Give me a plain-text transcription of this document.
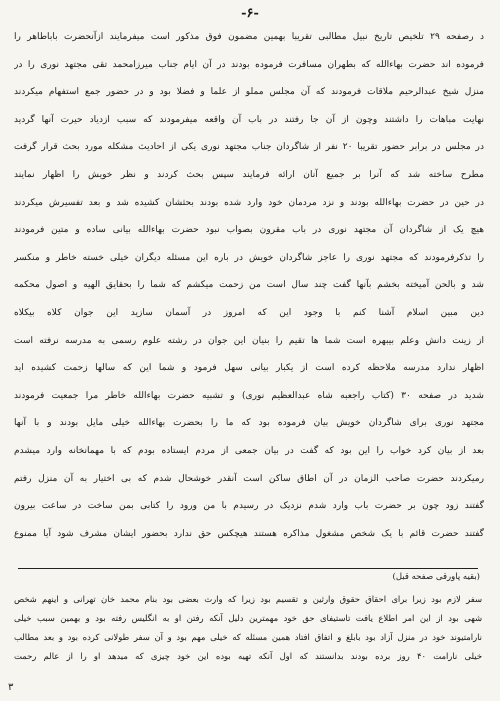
-۶-
د رصفحه ۲۹ تلخیص تاریخ نبیل مطالبی تقریبا بهمین مضمون فوق مذکور است میفرمایند ازآنحضرت باباطاهر را
فرموده اند حضرت بهاءالله که بطهران مسافرت فرموده بودند در آن ایام جناب میرزامحمد تقی مجتهد نوری را در
منزل شیخ عبدالرحیم ملاقات فرمودند که آن مجلس مملو از علما و فضلا بود و در حضور جمع استفهام میکردند
نهایت مباهات را داشتند وچون از آن جا رفتند در باب آن واقعه میفرمودند که سبب ازدیاد حیرت آنها گردید
در مجلس در برابر حضور تقریبا ۲۰ نفر از شاگردان جناب مجتهد نوری یکی از احادیث مشکله مورد بحث قرار گرفت
مطرح ساخته شد که آنرا بر جمیع آنان ارائه فرمایند سپس بحث کردند و نظر خویش را اظهار نمایند
در حین در حضرت بهاءالله بودند و نزد مردمان خود وارد شده بودند بحثشان کشیده شد و بعد تفسیرش میکردند
هیچ یک از شاگردان آن مجتهد نوری در باب مقرون بصواب نبود حضرت بهاءالله بیانی ساده و متین فرمودند
را تذکرفرمودند که مجتهد نوری را عاجز شاگردان خویش در باره این مسئله دیگران خیلی خسته خاطر و منکسر
شد و بالحن آمیخته بخشم بآنها گفت چند سال است من زحمت میکشم که شما را بحقایق الهیه و اصول محکمه
دین مبین اسلام آشنا کنم با وجود این که امروز در آسمان سازید این جوان کلاه بیکلاه
از زینت دانش وعلم بیبهره است شما ها تقیم را بنیان این جوان در رشته علوم رسمی به مدرسه نرفته است
اظهار ندارد مدرسه ملاحظه کرده است از یکبار بیانی سهل فرمود و شما این که سالها زحمت کشیده اید
شدید در صفحه ۳۰ (کتاب راجعبه شاه عبدالعظیم نوری) و تشبیه حضرت بهاءالله خاطر مرا جمعیت فرمودند
مجتهد نوری برای شاگردان خویش بیان فرموده بود که ما را بحضرت بهاءالله خیلی مایل بودند و با آنها
بعد از بیان کرد خواب را این بود که گفت در بیان جمعی از مردم ایستاده بودم که با مهمانخانه وارد میشدم
رمیکردند حضرت صاحب الزمان در آن اطاق ساکن است آنقدر خوشحال شدم که بی اختیار به آن منزل رفتم
گفتند زود چون بر حضرت باب وارد شدم نزدیک در رسیدم با من ورود را کتابی بمن ساخت در ساعت بیرون
گفتند حضرت قائم با یک شخص مشغول مذاکره هستند هیچکس حق ندارد بحضور ایشان مشرف شود آیا ممنوع
(بقیه پاورقی صفحه قبل)
سفر لازم بود زیرا برای احقاق حقوق وارثین و تقسیم بود زیرا که وارث بعضی بود بنام محمد خان تهرانی و اینهم شخص
شهی بود از این امر اطلاع یافت تاستیفای حق خود مهمترین دلیل آنکه رفتن او به انگلیس رفته بود و بهمین سبب خیلی
نارامتیوند خود در منزل آزاد بود بابلغ و اتفاق افتاد همین مسئله که خیلی مهم بود و آن سفر طولانی کرده بود و بعد مطالب
خیلی نارامت ۴۰ روز برده بودند بدانستند که اول آنکه تهیه بوده این خود چیزی که میدهد او را از عالم رحمت
۳
